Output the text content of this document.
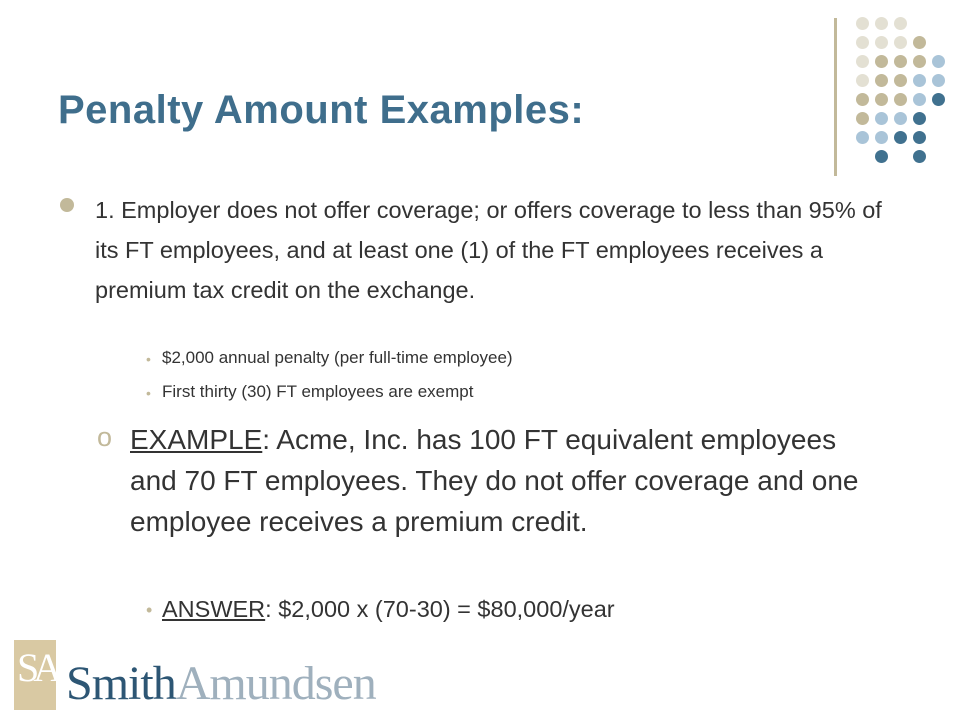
Penalty Amount Examples:

1. Employer does not offer coverage; or offers coverage to less than 95% of its FT employees, and at least one (1) of the FT employees receives a premium tax credit on the exchange.

• $2,000 annual penalty (per full-time employee)

• First thirty (30) FT employees are exempt

o EXAMPLE: Acme, Inc. has 100 FT equivalent employees and 70 FT employees. They do not offer coverage and one employee receives a premium credit.

• ANSWER: $2,000 x (70-30) = $80,000/year

SA SmithAmundsen
